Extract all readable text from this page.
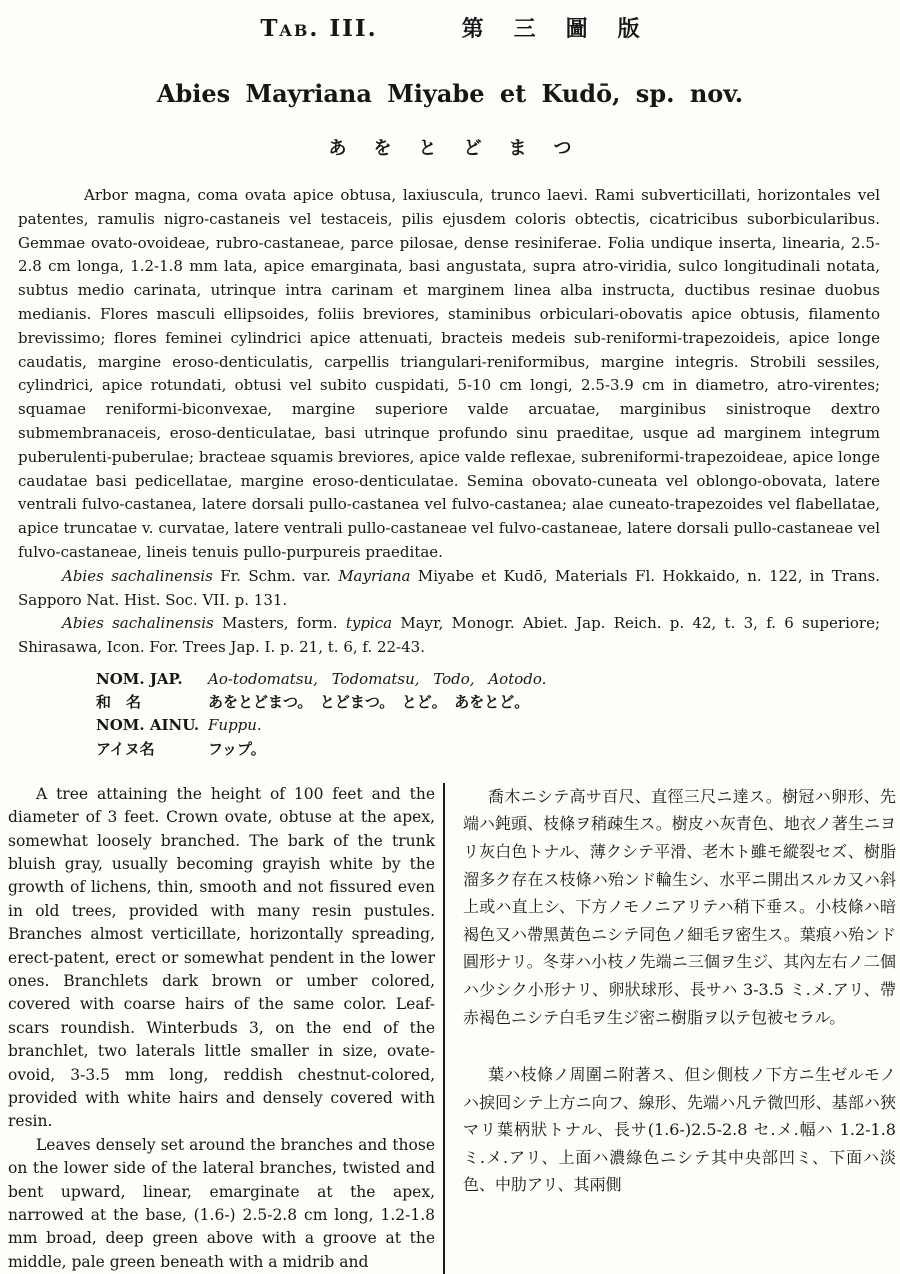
Tab. III.	第三圖版
Abies Mayriana Miyabe et Kudō, sp. nov.
あをとどまつ

Arbor magna, coma ovata apice obtusa, laxiuscula, trunco laevi. Rami subverticillati, horizontales vel patentes, ramulis nigro-castaneis vel testaceis, pilis ejusdem coloris obtectis, cicatricibus suborbicularibus. Gemmae ovato-ovoideae, rubro-castaneae, parce pilosae, dense resiniferae. Folia undique inserta, linearia, 2.5-2.8 cm longa, 1.2-1.8 mm lata, apice emarginata, basi angustata, supra atro-viridia, sulco longitudinali notata, subtus medio carinata, utrinque intra carinam et marginem linea alba instructa, ductibus resinae duobus medianis. Flores masculi ellipsoides, foliis breviores, staminibus orbiculari-obovatis apice obtusis, filamento brevissimo; flores feminei cylindrici apice attenuati, bracteis medeis sub-reniformi-trapezoideis, apice longe caudatis, margine eroso-denticulatis, carpellis triangulari-reniformibus, margine integris. Strobili sessiles, cylindrici, apice rotundati, obtusi vel subito cuspidati, 5-10 cm longi, 2.5-3.9 cm in diametro, atro-virentes; squamae reniformi-biconvexae, margine superiore valde arcuatae, marginibus sinistroque dextro submembranaceis, eroso-denticulatae, basi utrinque profundo sinu praeditae, usque ad marginem integrum puberulenti-puberulae; bracteae squamis breviores, apice valde reflexae, subreniformi-trapezoideae, apice longe caudatae basi pedicellatae, margine eroso-denticulatae. Semina obovato-cuneata vel oblongo-obovata, latere ventrali fulvo-castanea, latere dorsali pullo-castanea vel fulvo-castanea; alae cuneato-trapezoides vel flabellatae, apice truncatae v. curvatae, latere ventrali pullo-castaneae vel fulvo-castaneae, latere dorsali pullo-castaneae vel fulvo-castaneae, lineis tenuis pullo-purpureis praeditae.

Abies sachalinensis Fr. Schm. var. Mayriana Miyabe et Kudō, Materials Fl. Hokkaido, n. 122, in Trans. Sapporo Nat. Hist. Soc. VII. p. 131.

Abies sachalinensis Masters, form. typica Mayr, Monogr. Abiet. Jap. Reich. p. 42, t. 3, f. 6 superiore; Shirasawa, Icon. For. Trees Jap. I. p. 21, t. 6, f. 22-43.

NOM. JAP.	Ao-todomatsu, Todomatsu, Todo, Aotodo.
和　名	あをとどまつ。　とどまつ。　とど。　あをとど。
NOM. AINU. Fuppu.
アイヌ名	フップ。

A tree attaining the height of 100 feet and the diameter of 3 feet. Crown ovate, obtuse at the apex, somewhat loosely branched. The bark of the trunk bluish gray, usually becoming grayish white by the growth of lichens, thin, smooth and not fissured even in old trees, provided with many resin pustules. Branches almost verticillate, horizontally spreading, erect-patent, erect or somewhat pendent in the lower ones. Branchlets dark brown or umber colored, covered with coarse hairs of the same color. Leaf-scars roundish. Winterbuds 3, on the end of the branchlet, two laterals little smaller in size, ovate-ovoid, 3-3.5 mm long, reddish chestnut-colored, provided with white hairs and densely covered with resin.

Leaves densely set around the branches and those on the lower side of the lateral branches, twisted and bent upward, linear, emarginate at the apex, narrowed at the base, (1.6-) 2.5-2.8 cm long, 1.2-1.8 mm broad, deep green above with a groove at the middle, pale green beneath with a midrib and

喬木ニシテ高サ百尺、直徑三尺ニ達ス。樹冠ハ卵形、先端ハ鈍頭、枝條ヲ稍疎生ス。樹皮ハ灰青色、地衣ノ著生ニヨリ灰白色トナル、薄クシテ平滑、老木ト雖モ縱裂セズ、樹脂溜多ク存在ス枝條ハ殆ンド輪生シ、水平ニ開出スルカ又ハ斜上或ハ直上シ、下方ノモノニアリテハ稍下垂ス。小枝條ハ暗褐色又ハ帶黑黃色ニシテ同色ノ細毛ヲ密生ス。葉痕ハ殆ンド圓形ナリ。冬芽ハ小枝ノ先端ニ三個ヲ生ジ、其內左右ノ二個ハ少シク小形ナリ、卵狀球形、長サハ 3-3.5 ミ.メ.アリ、帶赤褐色ニシテ白毛ヲ生ジ密ニ樹脂ヲ以テ包被セラル。

葉ハ枝條ノ周圍ニ附著ス、但シ側枝ノ下方ニ生ゼルモノハ捩囘シテ上方ニ向フ、線形、先端ハ凡テ微凹形、基部ハ狹マリ葉柄狀トナル、長サ(1.6-)2.5-2.8 セ.メ.幅ハ 1.2-1.8 ミ.メ.アリ、上面ハ濃綠色ニシテ其中央部凹ミ、下面ハ淡色、中肋アリ、其兩側
